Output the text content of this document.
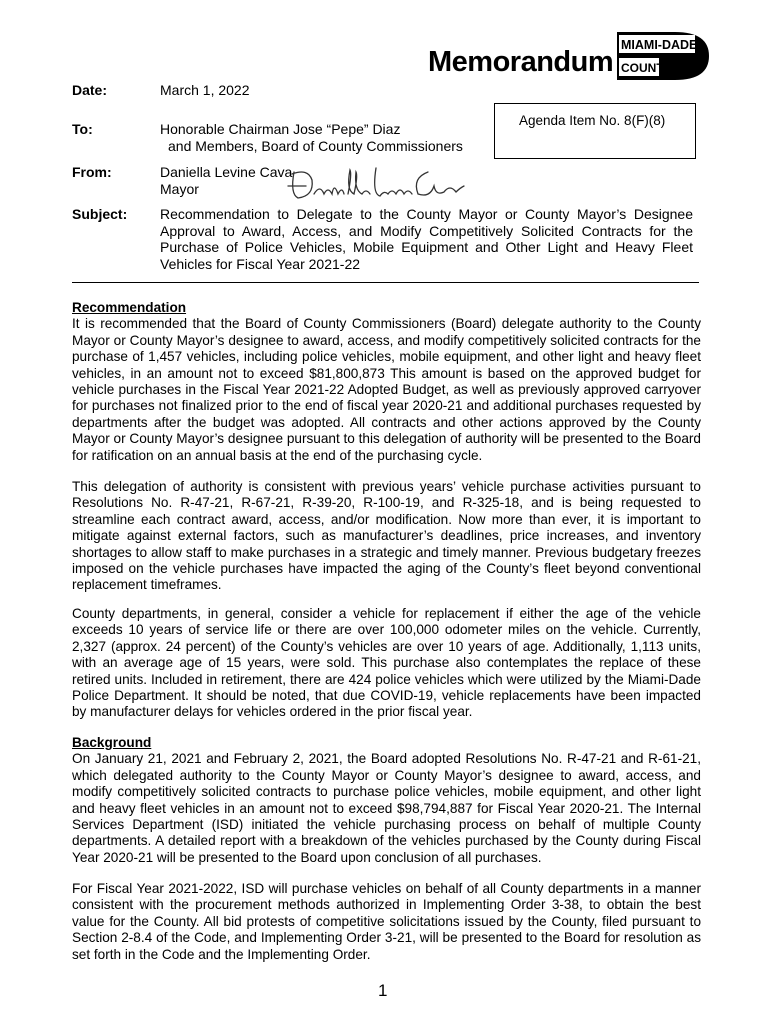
Memorandum
MIAMI-DADE
COUNTY
Date:	March 1, 2022
To:	Honorable Chairman Jose “Pepe” Diaz
and Members, Board of County Commissioners
Agenda Item No. 8(F)(8)
From:	Daniella Levine Cava
Mayor
Subject: Recommendation to Delegate to the County Mayor or County Mayor’s Designee Approval to Award, Access, and Modify Competitively Solicited Contracts for the Purchase of Police Vehicles, Mobile Equipment and Other Light and Heavy Fleet Vehicles for Fiscal Year 2021-22
Recommendation
It is recommended that the Board of County Commissioners (Board) delegate authority to the County Mayor or County Mayor’s designee to award, access, and modify competitively solicited contracts for the purchase of 1,457 vehicles, including police vehicles, mobile equipment, and other light and heavy fleet vehicles, in an amount not to exceed $81,800,873 This amount is based on the approved budget for vehicle purchases in the Fiscal Year 2021-22 Adopted Budget, as well as previously approved carryover for purchases not finalized prior to the end of fiscal year 2020-21 and additional purchases requested by departments after the budget was adopted. All contracts and other actions approved by the County Mayor or County Mayor’s designee pursuant to this delegation of authority will be presented to the Board for ratification on an annual basis at the end of the purchasing cycle.
This delegation of authority is consistent with previous years’ vehicle purchase activities pursuant to Resolutions No. R-47-21, R-67-21, R-39-20, R-100-19, and R-325-18, and is being requested to streamline each contract award, access, and/or modification. Now more than ever, it is important to mitigate against external factors, such as manufacturer’s deadlines, price increases, and inventory shortages to allow staff to make purchases in a strategic and timely manner. Previous budgetary freezes imposed on the vehicle purchases have impacted the aging of the County’s fleet beyond conventional replacement timeframes.
County departments, in general, consider a vehicle for replacement if either the age of the vehicle exceeds 10 years of service life or there are over 100,000 odometer miles on the vehicle. Currently, 2,327 (approx. 24 percent) of the County’s vehicles are over 10 years of age. Additionally, 1,113 units, with an average age of 15 years, were sold. This purchase also contemplates the replace of these retired units. Included in retirement, there are 424 police vehicles which were utilized by the Miami-Dade Police Department. It should be noted, that due COVID-19, vehicle replacements have been impacted by manufacturer delays for vehicles ordered in the prior fiscal year.
Background
On January 21, 2021 and February 2, 2021, the Board adopted Resolutions No. R-47-21 and R-61-21, which delegated authority to the County Mayor or County Mayor’s designee to award, access, and modify competitively solicited contracts to purchase police vehicles, mobile equipment, and other light and heavy fleet vehicles in an amount not to exceed $98,794,887 for Fiscal Year 2020-21. The Internal Services Department (ISD) initiated the vehicle purchasing process on behalf of multiple County departments. A detailed report with a breakdown of the vehicles purchased by the County during Fiscal Year 2020-21 will be presented to the Board upon conclusion of all purchases.
For Fiscal Year 2021-2022, ISD will purchase vehicles on behalf of all County departments in a manner consistent with the procurement methods authorized in Implementing Order 3-38, to obtain the best value for the County. All bid protests of competitive solicitations issued by the County, filed pursuant to Section 2-8.4 of the Code, and Implementing Order 3-21, will be presented to the Board for resolution as set forth in the Code and the Implementing Order.
1
